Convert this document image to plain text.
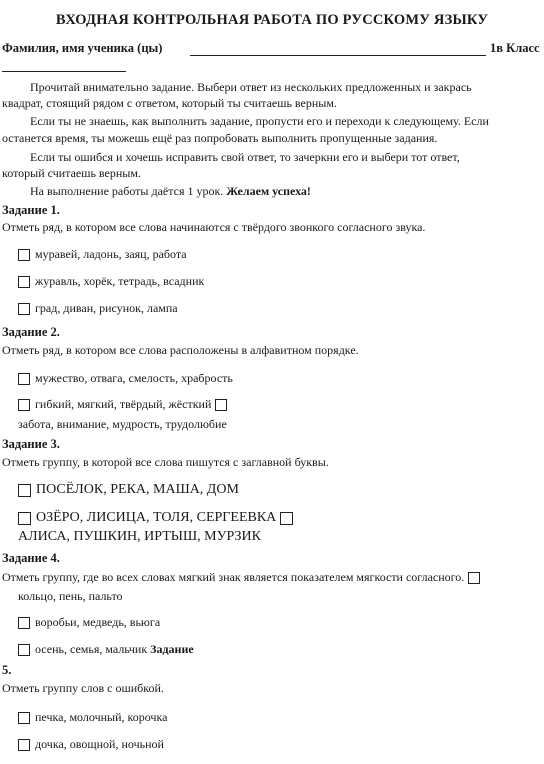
ВХОДНАЯ КОНТРОЛЬНАЯ РАБОТА ПО РУССКОМУ ЯЗЫКУ
Фамилия, имя ученика (цы)	1в Класс
Прочитай внимательно задание. Выбери ответ из нескольких предложенных и закрась
квадрат, стоящий рядом с ответом, который ты считаешь верным.
Если ты не знаешь, как выполнить задание, пропусти его и переходи к следующему. Если
останется время, ты можешь ещё раз попробовать выполнить пропущенные задания.
Если ты ошибся и хочешь исправить свой ответ, то зачеркни его и выбери тот ответ,
который считаешь верным.
На выполнение работы даётся 1 урок. Желаем успеха!
Задание 1.
Отметь ряд, в котором все слова начинаются с твёрдого звонкого согласного звука.
муравей, ладонь, заяц, работа
журавль, хорёк, тетрадь, всадник
град, диван, рисунок, лампа
Задание 2.
Отметь ряд, в котором все слова расположены в алфавитном порядке.
мужество, отвага, смелость, храбрость
гибкий, мягкий, твёрдый, жёсткий
забота, внимание, мудрость, трудолюбие
Задание 3.
Отметь группу, в которой все слова пишутся с заглавной буквы.
ПОСЁЛОК, РЕКА, МАША, ДОМ
ОЗЁРО, ЛИСИЦА, ТОЛЯ, СЕРГЕЕВКА
АЛИСА, ПУШКИН, ИРТЫШ, МУРЗИК
Задание 4.
Отметь группу, где во всех словах мягкий знак является показателем мягкости согласного.
кольцо, пень, пальто
воробьи, медведь, вьюга
осень, семья, мальчик
Задание
5.
Отметь группу слов с ошибкой.
печка, молочный, корочка
дочка, овощной, ночьной
